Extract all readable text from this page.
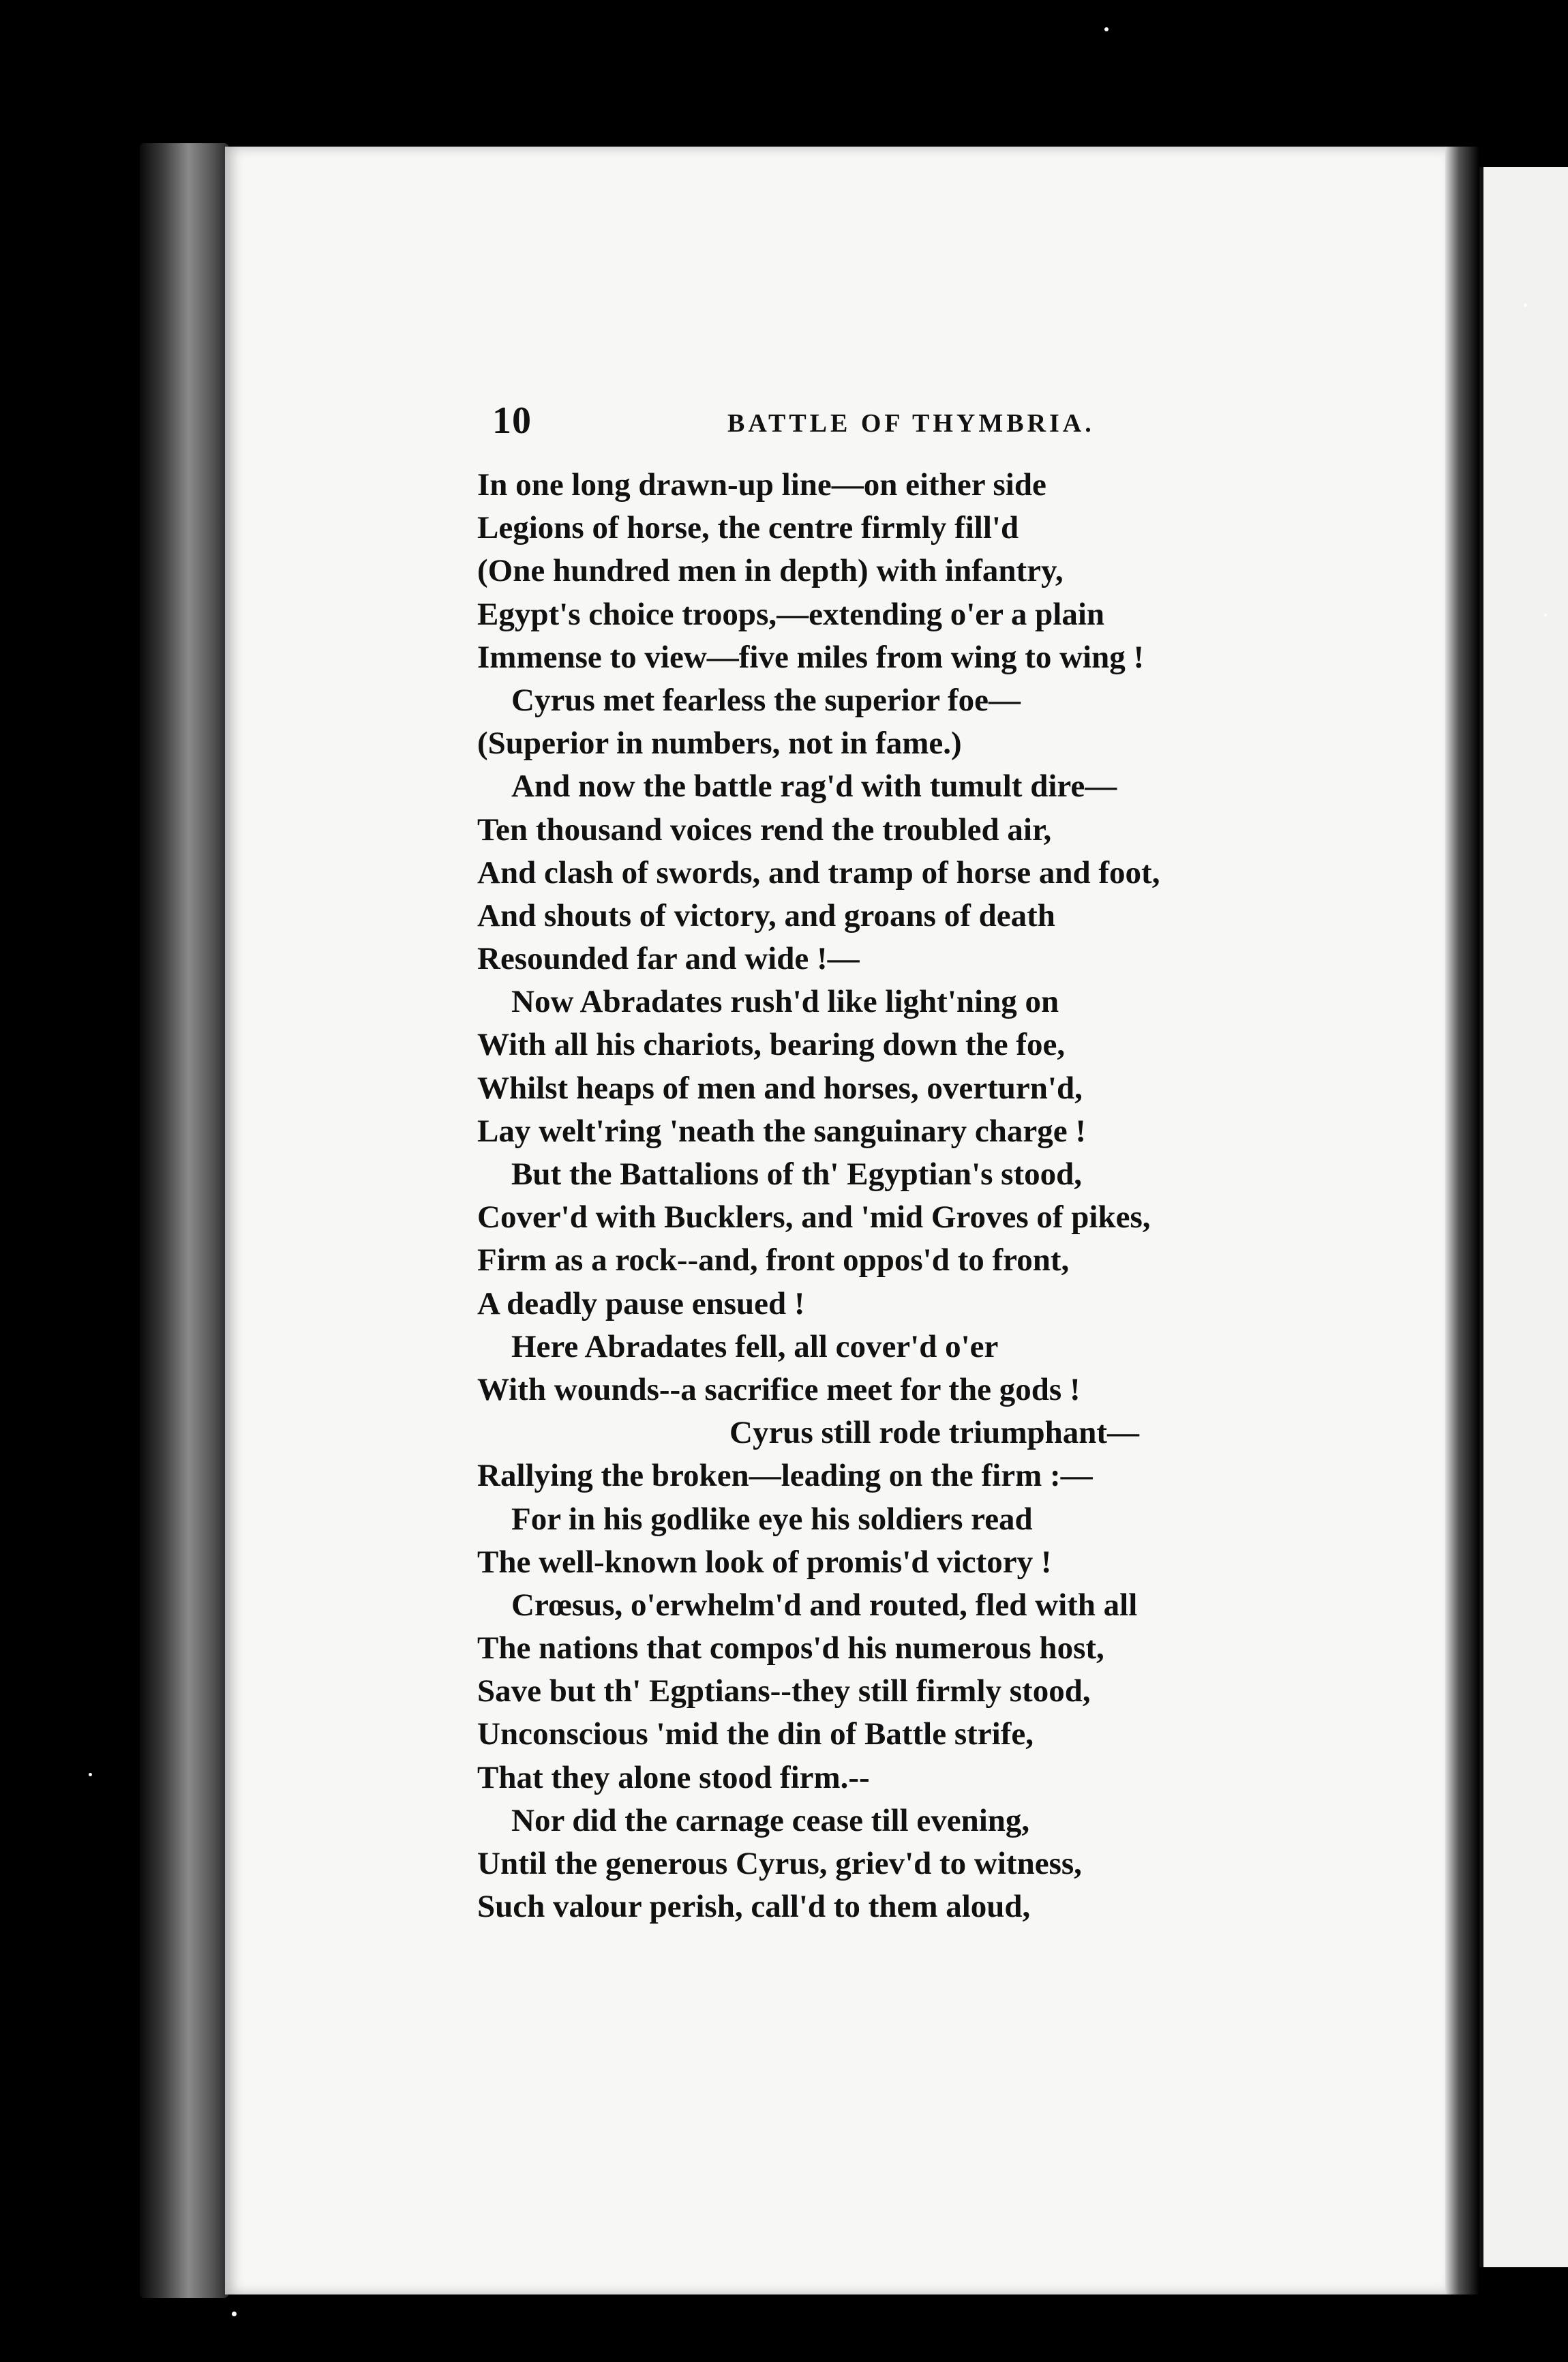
10	BATTLE OF THYMBRIA.
In one long drawn-up line—on either side
Legions of horse, the centre firmly fill'd
(One hundred men in depth) with infantry,
Egypt's choice troops,—extending o'er a plain
Immense to view—five miles from wing to wing !
Cyrus met fearless the superior foe—
(Superior in numbers, not in fame.)
And now the battle rag'd with tumult dire—
Ten thousand voices rend the troubled air,
And clash of swords, and tramp of horse and foot,
And shouts of victory, and groans of death
Resounded far and wide !—
Now Abradates rush'd like light'ning on
With all his chariots, bearing down the foe,
Whilst heaps of men and horses, overturn'd,
Lay welt'ring 'neath the sanguinary charge !
But the Battalions of th' Egyptian's stood,
Cover'd with Bucklers, and 'mid Groves of pikes,
Firm as a rock--and, front oppos'd to front,
A deadly pause ensued !
Here Abradates fell, all cover'd o'er
With wounds--a sacrifice meet for the gods !
Cyrus still rode triumphant—
Rallying the broken—leading on the firm :—
For in his godlike eye his soldiers read
The well-known look of promis'd victory !
Crœsus, o'erwhelm'd and routed, fled with all
The nations that compos'd his numerous host,
Save but th' Egptians--they still firmly stood,
Unconscious 'mid the din of Battle strife,
That they alone stood firm.--
Nor did the carnage cease till evening,
Until the generous Cyrus, griev'd to witness,
Such valour perish, call'd to them aloud,
